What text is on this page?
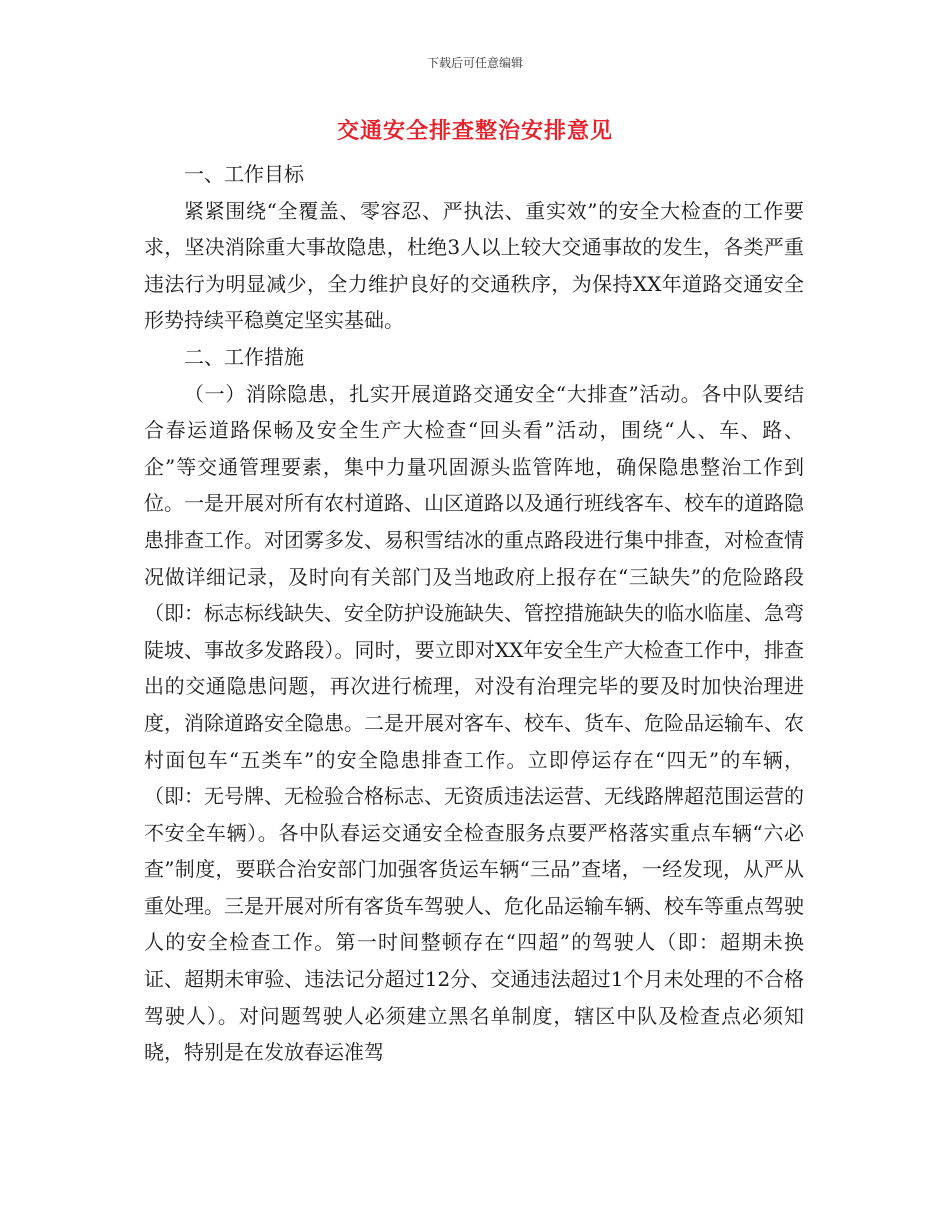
下载后可任意编辑
交通安全排查整治安排意见

一、工作目标

紧紧围绕“全覆盖、零容忍、严执法、重实效”的安全大检查的工作要求，坚决消除重大事故隐患，杜绝3人以上较大交通事故的发生，各类严重违法行为明显减少，全力维护良好的交通秩序，为保持XX年道路交通安全形势持续平稳奠定坚实基础。

二、工作措施

（一）消除隐患，扎实开展道路交通安全“大排查”活动。各中队要结合春运道路保畅及安全生产大检查“回头看”活动，围绕“人、车、路、企”等交通管理要素，集中力量巩固源头监管阵地，确保隐患整治工作到位。一是开展对所有农村道路、山区道路以及通行班线客车、校车的道路隐患排查工作。对团雾多发、易积雪结冰的重点路段进行集中排查，对检查情况做详细记录，及时向有关部门及当地政府上报存在“三缺失”的危险路段（即：标志标线缺失、安全防护设施缺失、管控措施缺失的临水临崖、急弯陡坡、事故多发路段）。同时，要立即对XX年安全生产大检查工作中，排查出的交通隐患问题，再次进行梳理，对没有治理完毕的要及时加快治理进度，消除道路安全隐患。二是开展对客车、校车、货车、危险品运输车、农村面包车“五类车”的安全隐患排查工作。立即停运存在“四无”的车辆，（即：无号牌、无检验合格标志、无资质违法运营、无线路牌超范围运营的不安全车辆）。各中队春运交通安全检查服务点要严格落实重点车辆“六必查”制度，要联合治安部门加强客货运车辆“三品”查堵，一经发现，从严从重处理。三是开展对所有客货车驾驶人、危化品运输车辆、校车等重点驾驶人的安全检查工作。第一时间整顿存在“四超”的驾驶人（即：超期未换证、超期未审验、违法记分超过12分、交通违法超过1个月未处理的不合格驾驶人）。对问题驾驶人必须建立黑名单制度，辖区中队及检查点必须知晓，特别是在发放春运准驾
